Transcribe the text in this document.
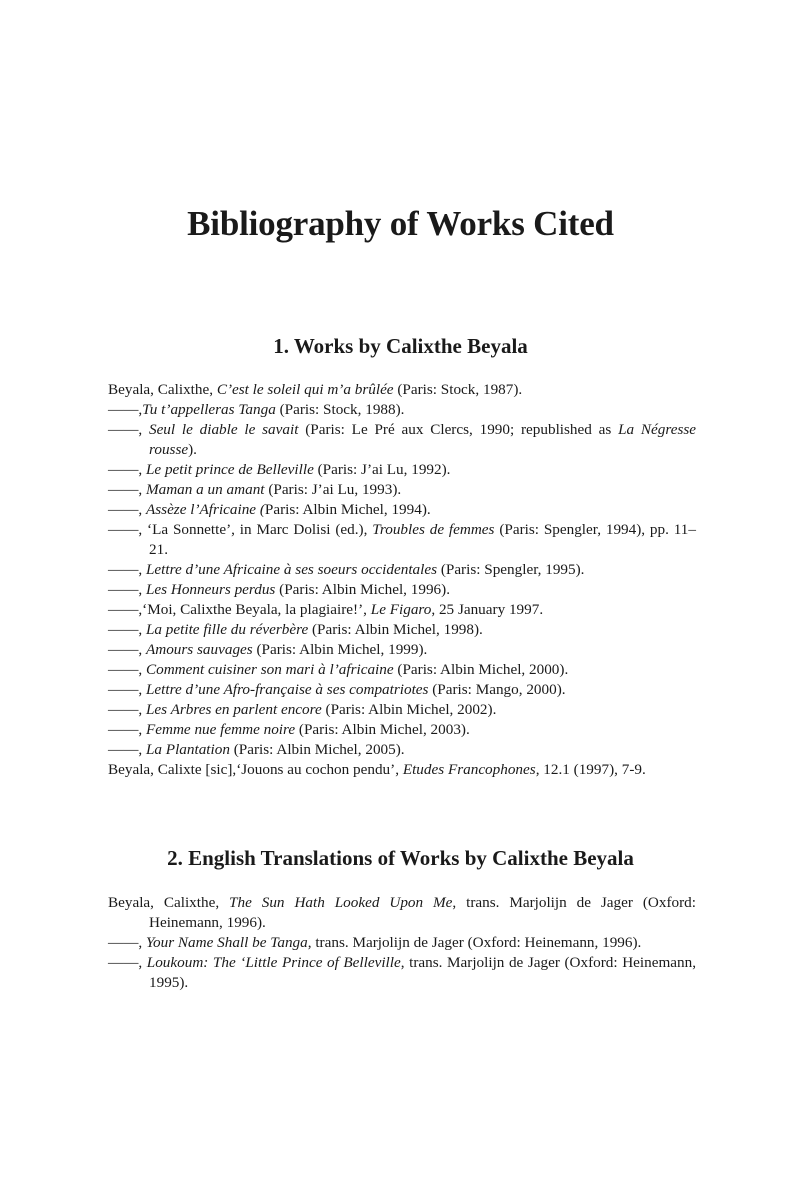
Bibliography of Works Cited
1. Works by Calixthe Beyala

Beyala, Calixthe, C’est le soleil qui m’a brûlée (Paris: Stock, 1987).

——,Tu t’appelleras Tanga (Paris: Stock, 1988).

——, Seul le diable le savait (Paris: Le Pré aux Clercs, 1990; republished as La Négresse rousse).

——, Le petit prince de Belleville (Paris: J’ai Lu, 1992).

——, Maman a un amant (Paris: J’ai Lu, 1993).

——, Assèze l’Africaine (Paris: Albin Michel, 1994).

——, ‘La Sonnette’, in Marc Dolisi (ed.), Troubles de femmes (Paris: Spengler, 1994), pp. 11–21.

——, Lettre d’une Africaine à ses soeurs occidentales (Paris: Spengler, 1995).

——, Les Honneurs perdus (Paris: Albin Michel, 1996).

——,‘Moi, Calixthe Beyala, la plagiaire!’, Le Figaro, 25 January 1997.

——, La petite fille du réverbère (Paris: Albin Michel, 1998).

——, Amours sauvages (Paris: Albin Michel, 1999).

——, Comment cuisiner son mari à l’africaine (Paris: Albin Michel, 2000).

——, Lettre d’une Afro-française à ses compatriotes (Paris: Mango, 2000).

——, Les Arbres en parlent encore (Paris: Albin Michel, 2002).

——, Femme nue femme noire (Paris: Albin Michel, 2003).

——, La Plantation (Paris: Albin Michel, 2005).

Beyala, Calixte [sic],‘Jouons au cochon pendu’, Etudes Francophones, 12.1 (1997), 7-9.

2. English Translations of Works by Calixthe Beyala

Beyala, Calixthe, The Sun Hath Looked Upon Me, trans. Marjolijn de Jager (Oxford: Heinemann, 1996).

——, Your Name Shall be Tanga, trans. Marjolijn de Jager (Oxford: Heinemann, 1996).

——, Loukoum: The ‘Little Prince of Belleville, trans. Marjolijn de Jager (Oxford: Heinemann, 1995).
